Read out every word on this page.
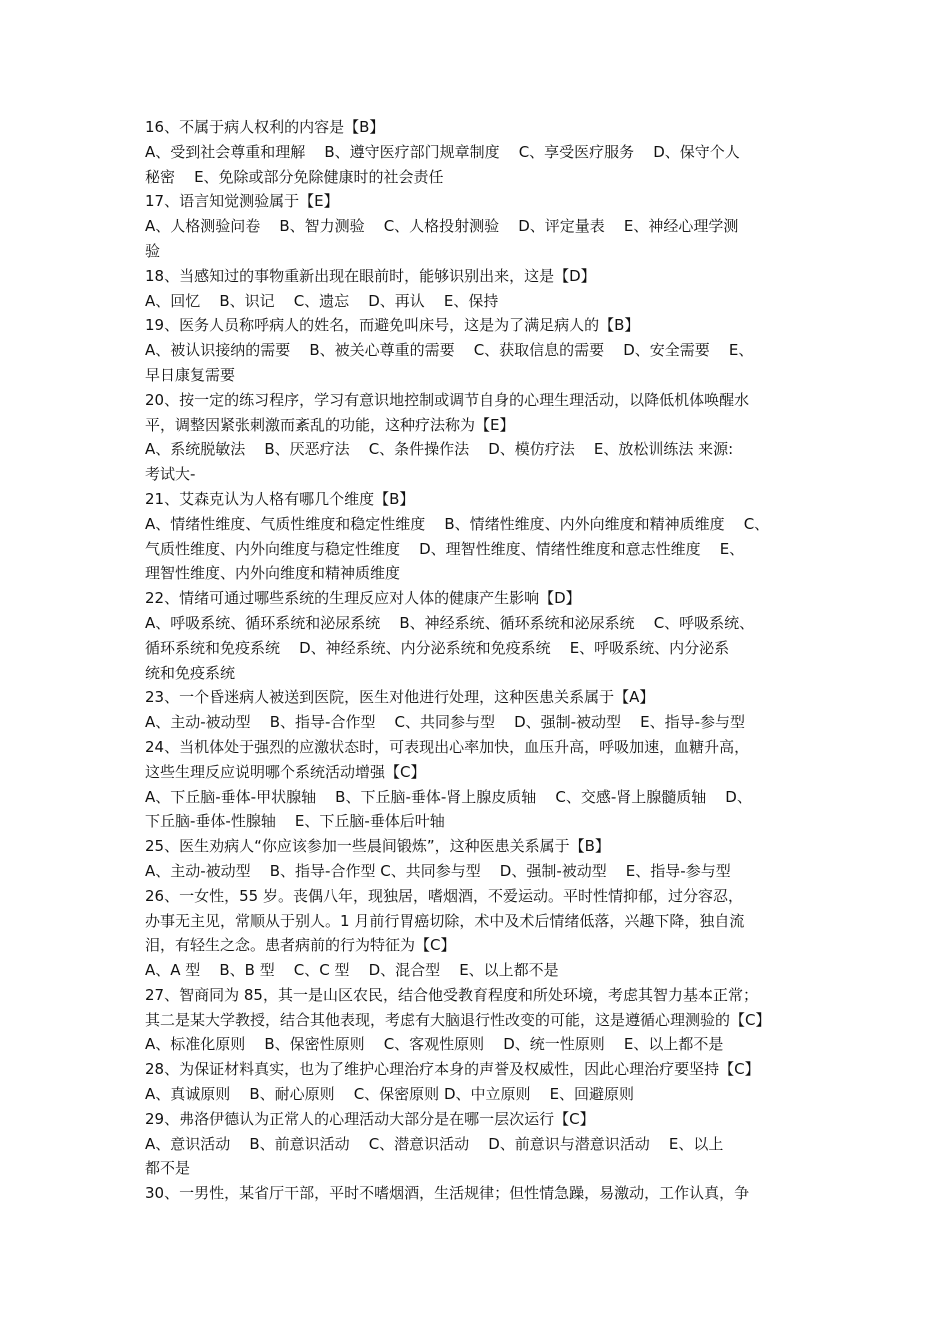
16、不属于病人权利的内容是【B】
A、受到社会尊重和理解    B、遵守医疗部门规章制度    C、享受医疗服务    D、保守个人
秘密    E、免除或部分免除健康时的社会责任
17、语言知觉测验属于【E】
A、人格测验问卷    B、智力测验    C、人格投射测验    D、评定量表    E、神经心理学测
验
18、当感知过的事物重新出现在眼前时，能够识别出来，这是【D】
A、回忆    B、识记    C、遗忘    D、再认    E、保持
19、医务人员称呼病人的姓名，而避免叫床号，这是为了满足病人的【B】
A、被认识接纳的需要    B、被关心尊重的需要    C、获取信息的需要    D、安全需要    E、
早日康复需要
20、按一定的练习程序，学习有意识地控制或调节自身的心理生理活动，以降低机体唤醒水
平，调整因紧张刺激而紊乱的功能，这种疗法称为【E】
A、系统脱敏法    B、厌恶疗法    C、条件操作法    D、模仿疗法    E、放松训练法 来源:
考试大-
21、艾森克认为人格有哪几个维度【B】
A、情绪性维度、气质性维度和稳定性维度    B、情绪性维度、内外向维度和精神质维度    C、
气质性维度、内外向维度与稳定性维度    D、理智性维度、情绪性维度和意志性维度    E、
理智性维度、内外向维度和精神质维度
22、情绪可通过哪些系统的生理反应对人体的健康产生影响【D】
A、呼吸系统、循环系统和泌尿系统    B、神经系统、循环系统和泌尿系统    C、呼吸系统、
循环系统和免疫系统    D、神经系统、内分泌系统和免疫系统    E、呼吸系统、内分泌系
统和免疫系统
23、一个昏迷病人被送到医院，医生对他进行处理，这种医患关系属于【A】
A、主动-被动型    B、指导-合作型    C、共同参与型    D、强制-被动型    E、指导-参与型
24、当机体处于强烈的应激状态时，可表现出心率加快，血压升高，呼吸加速，血糖升高，
这些生理反应说明哪个系统活动增强【C】
A、下丘脑-垂体-甲状腺轴    B、下丘脑-垂体-肾上腺皮质轴    C、交感-肾上腺髓质轴    D、
下丘脑-垂体-性腺轴    E、下丘脑-垂体后叶轴
25、医生劝病人“你应该参加一些晨间锻炼”，这种医患关系属于【B】
A、主动-被动型    B、指导-合作型 C、共同参与型    D、强制-被动型    E、指导-参与型
26、一女性，55 岁。丧偶八年，现独居，嗜烟酒，不爱运动。平时性情抑郁，过分容忍，
办事无主见，常顺从于别人。1 月前行胃癌切除，术中及术后情绪低落，兴趣下降，独自流
泪，有轻生之念。患者病前的行为特征为【C】
A、A 型    B、B 型    C、C 型    D、混合型    E、以上都不是
27、智商同为 85，其一是山区农民，结合他受教育程度和所处环境，考虑其智力基本正常；
其二是某大学教授，结合其他表现，考虑有大脑退行性改变的可能，这是遵循心理测验的【C】
A、标准化原则    B、保密性原则    C、客观性原则    D、统一性原则    E、以上都不是
28、为保证材料真实，也为了维护心理治疗本身的声誉及权威性，因此心理治疗要坚持【C】
A、真诚原则    B、耐心原则    C、保密原则 D、中立原则    E、回避原则
29、弗洛伊德认为正常人的心理活动大部分是在哪一层次运行【C】
A、意识活动    B、前意识活动    C、潜意识活动    D、前意识与潜意识活动    E、以上
都不是
30、一男性，某省厅干部，平时不嗜烟酒，生活规律；但性情急躁，易激动，工作认真，争
